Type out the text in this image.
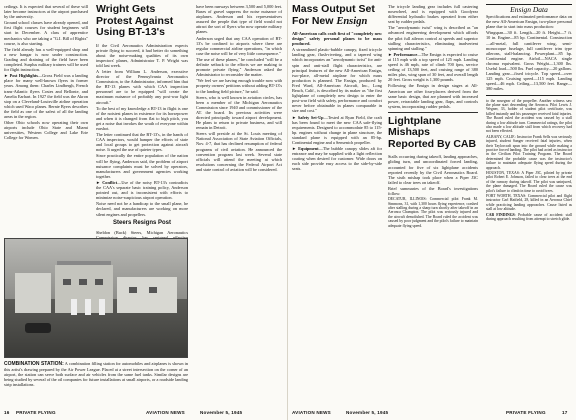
ceilings. It is expected that several of these will later become instructors at the airport purchased by the university.

Ground school classes have already opened, and first flight courses for student beginners will start in December. A class of apprentice mechanics who are taking a "G.I. Bill of Rights" course, is also starting.

The field already has a well-equipped shop and a new hangar is now under construction. Grading and draining of the field have been completed. Surplus military trainers will be used for flight instruction.

► Post Highlights—Gross Field was a landing place for many well-known flyers in former years. Among them: Charles Lindbergh, French trans-Atlantic flyers Costes and Bellonte, and Amelia Earhart. In 1927 the field was the Akron stop on a Cleveland-Louisville airline operation which used Waco planes. Bernie Byers describes the field as one of the safest of all the landing areas in the region.

Other Ohio schools now operating their own airports include Ohio State and Miami universities, Western College and Lake Erie College for Women.

Wright Gets Protest Against Using BT-13's

If the Civil Aeronautics Administration expects private flying to succeed, it had better do something about the noise-making qualities of its own inspectors' planes, Administrator T. P. Wright was told last week.

A letter from William L. Anderson, executive director of the Pennsylvania Aeronautics Commission, to the Administrator, informed him that the BT-13 planes with which CAA inspection personnel are to be equipped "will create the maximum nuisance of probably any post-war light aircraft."

To the best of my knowledge a BT-13 in flight is one of the noisiest planes in existence for its horsepower and when it is changed from flat to high pitch, you get a noise that invokes the wrath of everyone within earshot.

The letter continued that the BT-13's, in the hands of CAA inspectors, would hamper the efforts of state and local groups to get protection against aircraft noise. It urged the use of quieter types.

Since practically the entire population of the nation will be flying, Anderson said, the problem of airport nuisance complaints must be solved by operators, manufacturers and government agencies working together.

► Conflict—Use of the noisy BT-13's contradicts the CAA's separate basic training policy, Anderson pointed out, and is inconsistent with efforts to minimize noise-suspicious airport operation.

Noise need not be a handicap to the small plane, he declared, and manufacturers are working on more silent engines and propellers.

Steers Resigns Post

Sheldon (Buck) Steers, Michigan Aeronautics

have been runways between 3,500 and 5,000 feet. Bases of gravel suppress the noise nuisance of airplanes. Anderson and his representatives assured the people that type of field would not attract the sort of flyers who now operate military planes.

Anderson urged that any CAA operation of BT-13's be confined to airports where there are regular commercial airline operations, "in which case the noise will be of very little consequence."

The use of these planes," he concluded "will be a definite setback to the efforts we are making to promote private flying." Anderson asked the Administrator to reconsider the matter.

"We feel we are having enough trouble now with property owners' petitions without adding BT-13's to the landing field picture," he said.

Steers, who is well known in aviation circles, has been a member of the Michigan Aeronautics Commission since 1940 and commissioner of the AT. the board. Its previous activities were directed principally toward airport development. He plans to return to private business, and will remain in Detroit.

Steers will preside at the St. Louis meeting of National Association of State Aviation Officials, Nov. 4-7, that has declined resumption of federal programs of civil aviation. He announced the convention program last week. Several state officials will attend the meeting at which resolutions concerning the Federal Airport Act and state control of aviation will be considered.

COMBINATION STATION: A combination filling station for automobiles and airplanes is shown in this artist's drawing prepared by the Air Power League. Placed at a street intersection on the corner of an airport, the station can serve both surface and air vehicles from the same fuel tanks. Similar designs are being studied by several of the oil companies for future installations at small airports, or a roadside landing strip installations.
Mass Output Set
For New Ensign

All-American calls craft first of "completely new design" safety personal planes to be mass produced.

A streamlined plastic-bubble canopy, fixed tricycle landing gear, flush-riveting, and a tapered wing which incorporates an "aerodynamic twist" for anti-spin and anti-stall flight characteristics, are principal features of the new All-American Ensign, two-place, all-metal airplane for which mass production is planned. The Ensign, produced by Fred Ward, All-American Aircraft, Inc., Long Beach, Calif., is described by its maker as "the first lightplane of completely new design to enter the post-war field with safety, performance and comfort never before obtainable in planes comparable in size and cost."

► Safety Set-Up—Tested at Ryan Field, the craft has been found to meet the new CAA safe-flying requirements. Designed to accommodate 85 to 115-hp. engines without change in plane structure, the standard plane is equipped with an 85-hp. Continental engine and a Sensenich propeller.

► Equipment—The bubble canopy slides aft for entrance and may be supplied with a light reflection coating when desired for customer. Wide doors on each side provide easy access to the side-by-side seats.

The tricycle landing gear includes full castering nosewheel, and is equipped with Goodyear differential hydraulic brakes operated from either seat by rudder pedals.

The "aerodynamic twist" wing is described as "an advanced engineering development which affords the pilot full aileron control at speeds and superior stalling characteristics, eliminating inadvertent spinning and stalling."

► Performance—The Ensign is expected to cruise at 115 mph with a top speed of 125 mph. Landing speed is 46 mph, rate of climb 700 fpm, service ceiling of 13,500 feet, and cruising range of 380 miles plus, wing span of 30 feet, and overall length 20 feet. Gross weight is 1,300 pounds.

Following the Ensign in design stages at All-American are other four-placers derived from the same basic design, that are planned with increased power, retractable landing gear, flaps, and controls system, incorporating rudder pedals.

Lightplane Mishaps Reported By CAB

Stalls occurring during takeoff, landing approaches, gliding turn, and uncoordinated forced landing, accounted for five of six lightplane accidents reported recently by the Civil Aeronautics Board. The sixth mishap took place when a Piper J3C failed to clear trees on takeoff.

Brief summaries of the Board's investigations follow:

DECATUR, ILLINOIS: Commercial pilot Frank M. Simmons, 31, with 1,300 hours flying experience, crashed after stalling during a sharp turn shortly after takeoff in an Aeronca Champion. The pilot was seriously injured and the aircraft demolished. The Board ruled the accident was caused by poor judgment and the pilot's failure to maintain adequate flying speed.

Ensign Data

Specifications and estimated performance data on the new All-American Ensign, two-place personal plane due to start into mass production:

Wingspan—30 ft. Length—20 ft. Height—7 ft. 10 in. Engine—85 hp. Continental. Construction—all-metal, full cantilever wing, semi-monocoque fuselage, full cantilever trim type ailerons, stall-balancing. Powerplant—85 hp. Continental engine. Airfoil—NACA single chroma equivalent. Gross Weight—1,300 lbs. Useful load—500 lbs. Fuel capacity—20 gallons. Landing gear—fixed tricycle. Top speed—over 125 mph. Cruising speed—115 mph. Landing speed—46 mph. Ceiling—13,500 feet. Range—380 miles.

to the nosegear of the propeller. Another witness saw the plane start descending the Aeronca. Pilot Lewis J. Wegner, 33, holder of student pilot certificate, was killed instantly and his passenger received fatal injuries. The Board ruled the accident was caused by a stall during a low altitude turn. Commercial ratings, the pilot also made a low altitude stall from which recovery had not been effected.

ALBANY, CALIF.: Instructor Frank Sells was seriously injured, student Sanger received fatal injuries, when their Taylorcraft spun into the ground while making a practice forced landing. The pilot had acted as instructor in the Civilian Pilot Training Program. The Board determined the probable cause was the instructor's failure to maintain adequate flying speed during the approach.

HOUSTON, TEXAS: A Piper J3C, piloted by private pilot Robert E. Johnson, failed to clear trees at the end of the runway during takeoff. The pilot was uninjured, the plane damaged. The Board ruled the cause was pilot's failure to climb in time to avoid trees.

FORT WORTH, TEXAS: Commercial pilot and flight instructor Carl Hatfield, 28, killed in an Aeronca Chief while practicing landing approaches. Cause listed as stall at low altitude.

CAB FINDINGS: Probable cause of accident: stall during approach resulting from attempt to stretch glide.

16 PRIVATE FLYING	AVIATION NEWS	November 5, 1945	AVIATION NEWS	November 5, 1945	PRIVATE FLYING	17
